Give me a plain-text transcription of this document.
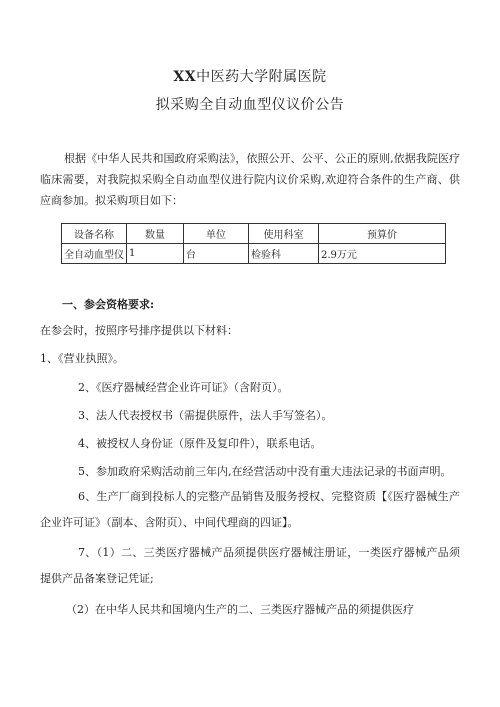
XX中医药大学附属医院
拟采购全自动血型仪议价公告

根据《中华人民共和国政府采购法》，依照公开、公平、公正的原则,依据我院医疗临床需要，对我院拟采购全自动血型仪进行院内议价采购,欢迎符合条件的生产商、供应商参加。拟采购项目如下：

设备名称	数量	单位	使用科室	预算价
全自动血型仪	1	台	检验科	2.9万元
一、参会资格要求:
在参会时，按照序号排序提供以下材料：
1、《营业执照》。
2、《医疗器械经营企业许可证》（含附页）。
3、法人代表授权书（需提供原件，法人手写签名）。
4、被授权人身份证（原件及复印件），联系电话。
5、参加政府采购活动前三年内,在经营活动中没有重大违法记录的书面声明。

6、生产厂商到投标人的完整产品销售及服务授权、完整资质【《医疗器械生产企业许可证》（副本、含附页）、中间代理商的四证】。

7、（1）二、三类医疗器械产品须提供医疗器械注册证，一类医疗器械产品须提供产品备案登记凭证;

（2）在中华人民共和国境内生产的二、三类医疗器械产品的须提供医疗
